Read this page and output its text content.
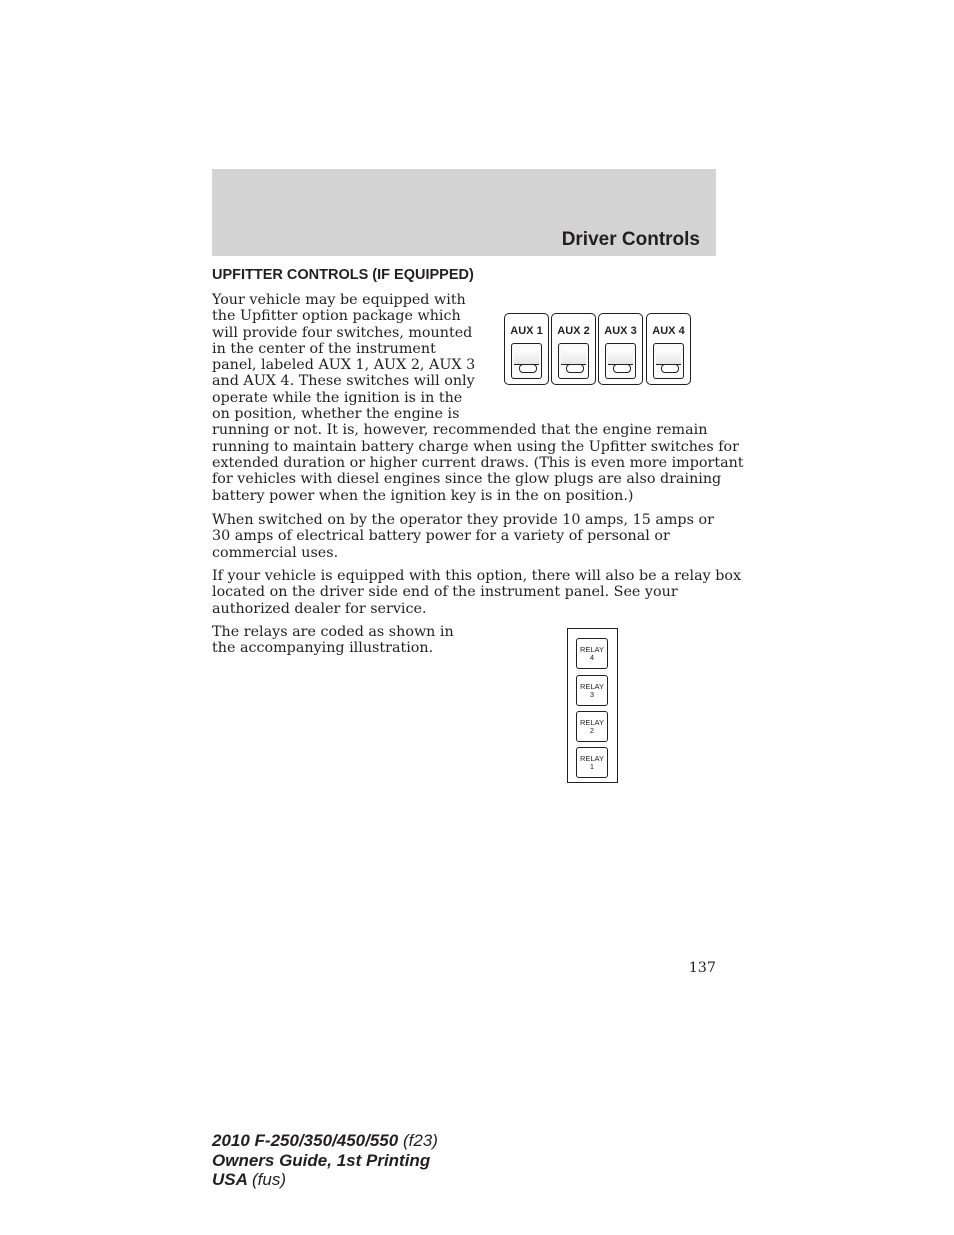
Driver Controls
UPFITTER CONTROLS (IF EQUIPPED)
Your vehicle may be equipped with
the Upfitter option package which
will provide four switches, mounted
in the center of the instrument
panel, labeled AUX 1, AUX 2, AUX 3
and AUX 4. These switches will only
operate while the ignition is in the
on position, whether the engine is
running or not. It is, however, recommended that the engine remain
running to maintain battery charge when using the Upfitter switches for
extended duration or higher current draws. (This is even more important
for vehicles with diesel engines since the glow plugs are also draining
battery power when the ignition key is in the on position.)
AUX 1	AUX 2	AUX 3	AUX 4
When switched on by the operator they provide 10 amps, 15 amps or
30 amps of electrical battery power for a variety of personal or
commercial uses.
If your vehicle is equipped with this option, there will also be a relay box
located on the driver side end of the instrument panel. See your
authorized dealer for service.
The relays are coded as shown in
the accompanying illustration.	RELAY
4
RELAY
3
RELAY
2
RELAY
1
137
2010 F-250/350/450/550 (f23)
Owners Guide, 1st Printing
USA (fus)
